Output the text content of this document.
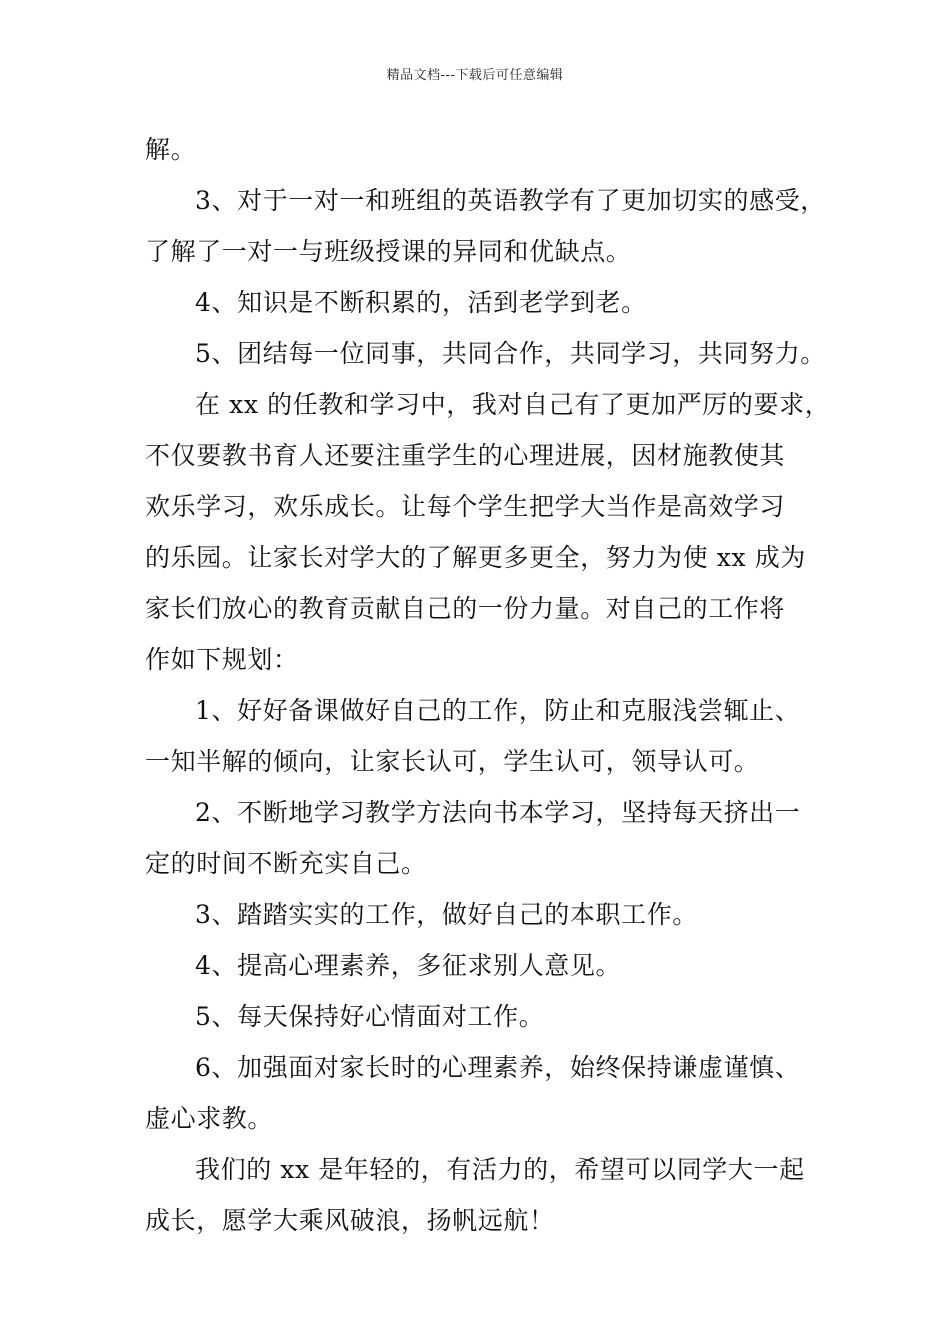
精品文档---下载后可任意编辑
解。
3、对于一对一和班组的英语教学有了更加切实的感受，
了解了一对一与班级授课的异同和优缺点。
4、知识是不断积累的，活到老学到老。
5、团结每一位同事，共同合作，共同学习，共同努力。
在 xx 的任教和学习中，我对自己有了更加严厉的要求，
不仅要教书育人还要注重学生的心理进展，因材施教使其
欢乐学习，欢乐成长。让每个学生把学大当作是高效学习
的乐园。让家长对学大的了解更多更全，努力为使 xx 成为
家长们放心的教育贡献自己的一份力量。对自己的工作将
作如下规划：
1、好好备课做好自己的工作，防止和克服浅尝辄止、
一知半解的倾向，让家长认可，学生认可，领导认可。
2、不断地学习教学方法向书本学习，坚持每天挤出一
定的时间不断充实自己。
3、踏踏实实的工作，做好自己的本职工作。
4、提高心理素养，多征求别人意见。
5、每天保持好心情面对工作。
6、加强面对家长时的心理素养，始终保持谦虚谨慎、
虚心求教。
我们的 xx 是年轻的，有活力的，希望可以同学大一起
成长，愿学大乘风破浪，扬帆远航！
